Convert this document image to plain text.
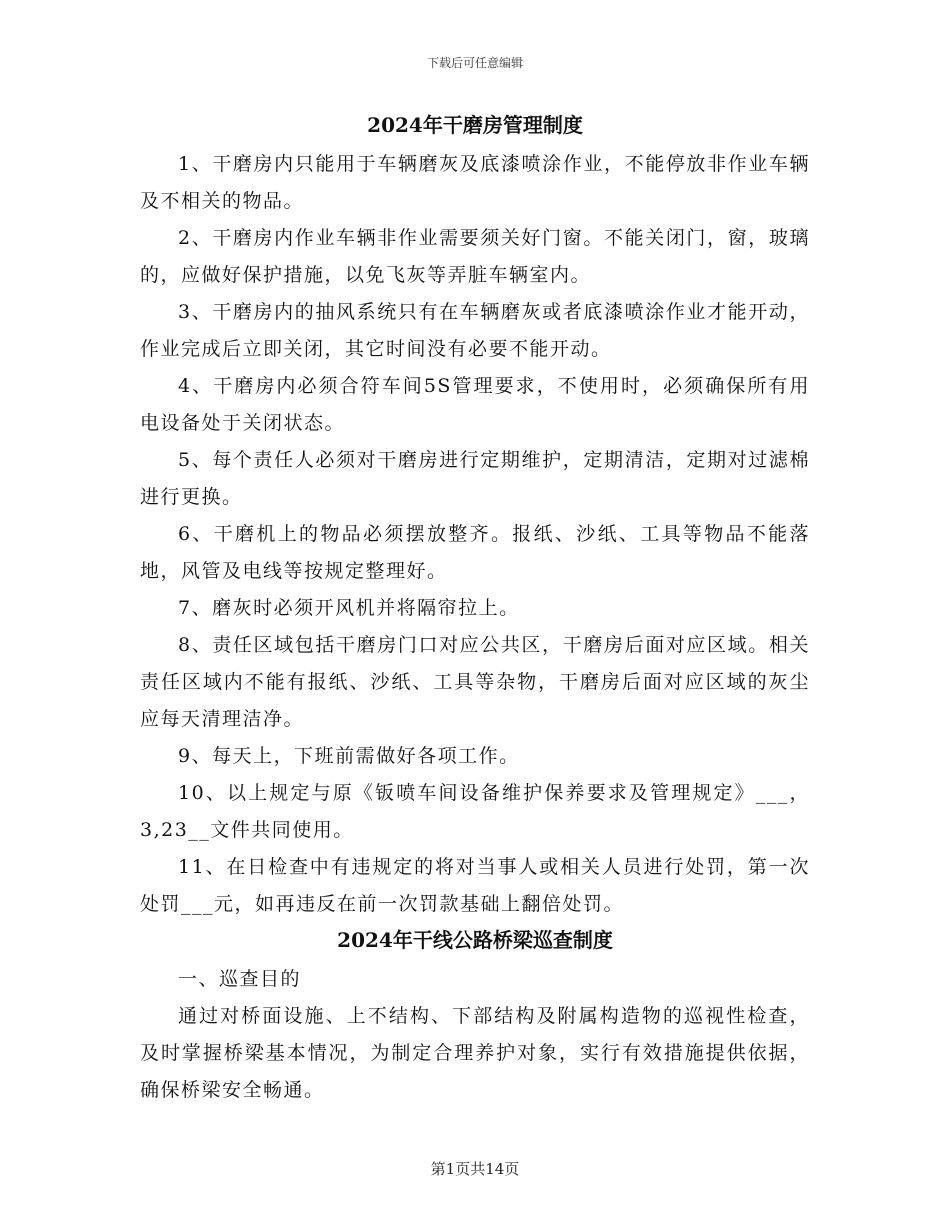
下载后可任意编辑
2024年干磨房管理制度

1、干磨房内只能用于车辆磨灰及底漆喷涂作业，不能停放非作业车辆及不相关的物品。

2、干磨房内作业车辆非作业需要须关好门窗。不能关闭门，窗，玻璃的，应做好保护措施，以免飞灰等弄脏车辆室内。

3、干磨房内的抽风系统只有在车辆磨灰或者底漆喷涂作业才能开动，作业完成后立即关闭，其它时间没有必要不能开动。

4、干磨房内必须合符车间5S管理要求，不使用时，必须确保所有用电设备处于关闭状态。

5、每个责任人必须对干磨房进行定期维护，定期清洁，定期对过滤棉进行更换。

6、干磨机上的物品必须摆放整齐。报纸、沙纸、工具等物品不能落地，风管及电线等按规定整理好。

7、磨灰时必须开风机并将隔帘拉上。

8、责任区域包括干磨房门口对应公共区，干磨房后面对应区域。相关责任区域内不能有报纸、沙纸、工具等杂物，干磨房后面对应区域的灰尘应每天清理洁净。

9、每天上，下班前需做好各项工作。

10、以上规定与原《钣喷车间设备维护保养要求及管理规定》___，3,23__文件共同使用。

11、在日检查中有违规定的将对当事人或相关人员进行处罚，第一次处罚___元，如再违反在前一次罚款基础上翻倍处罚。

2024年干线公路桥梁巡查制度

一、巡查目的

通过对桥面设施、上不结构、下部结构及附属构造物的巡视性检查，及时掌握桥梁基本情况，为制定合理养护对象，实行有效措施提供依据，确保桥梁安全畅通。

第1页共14页
